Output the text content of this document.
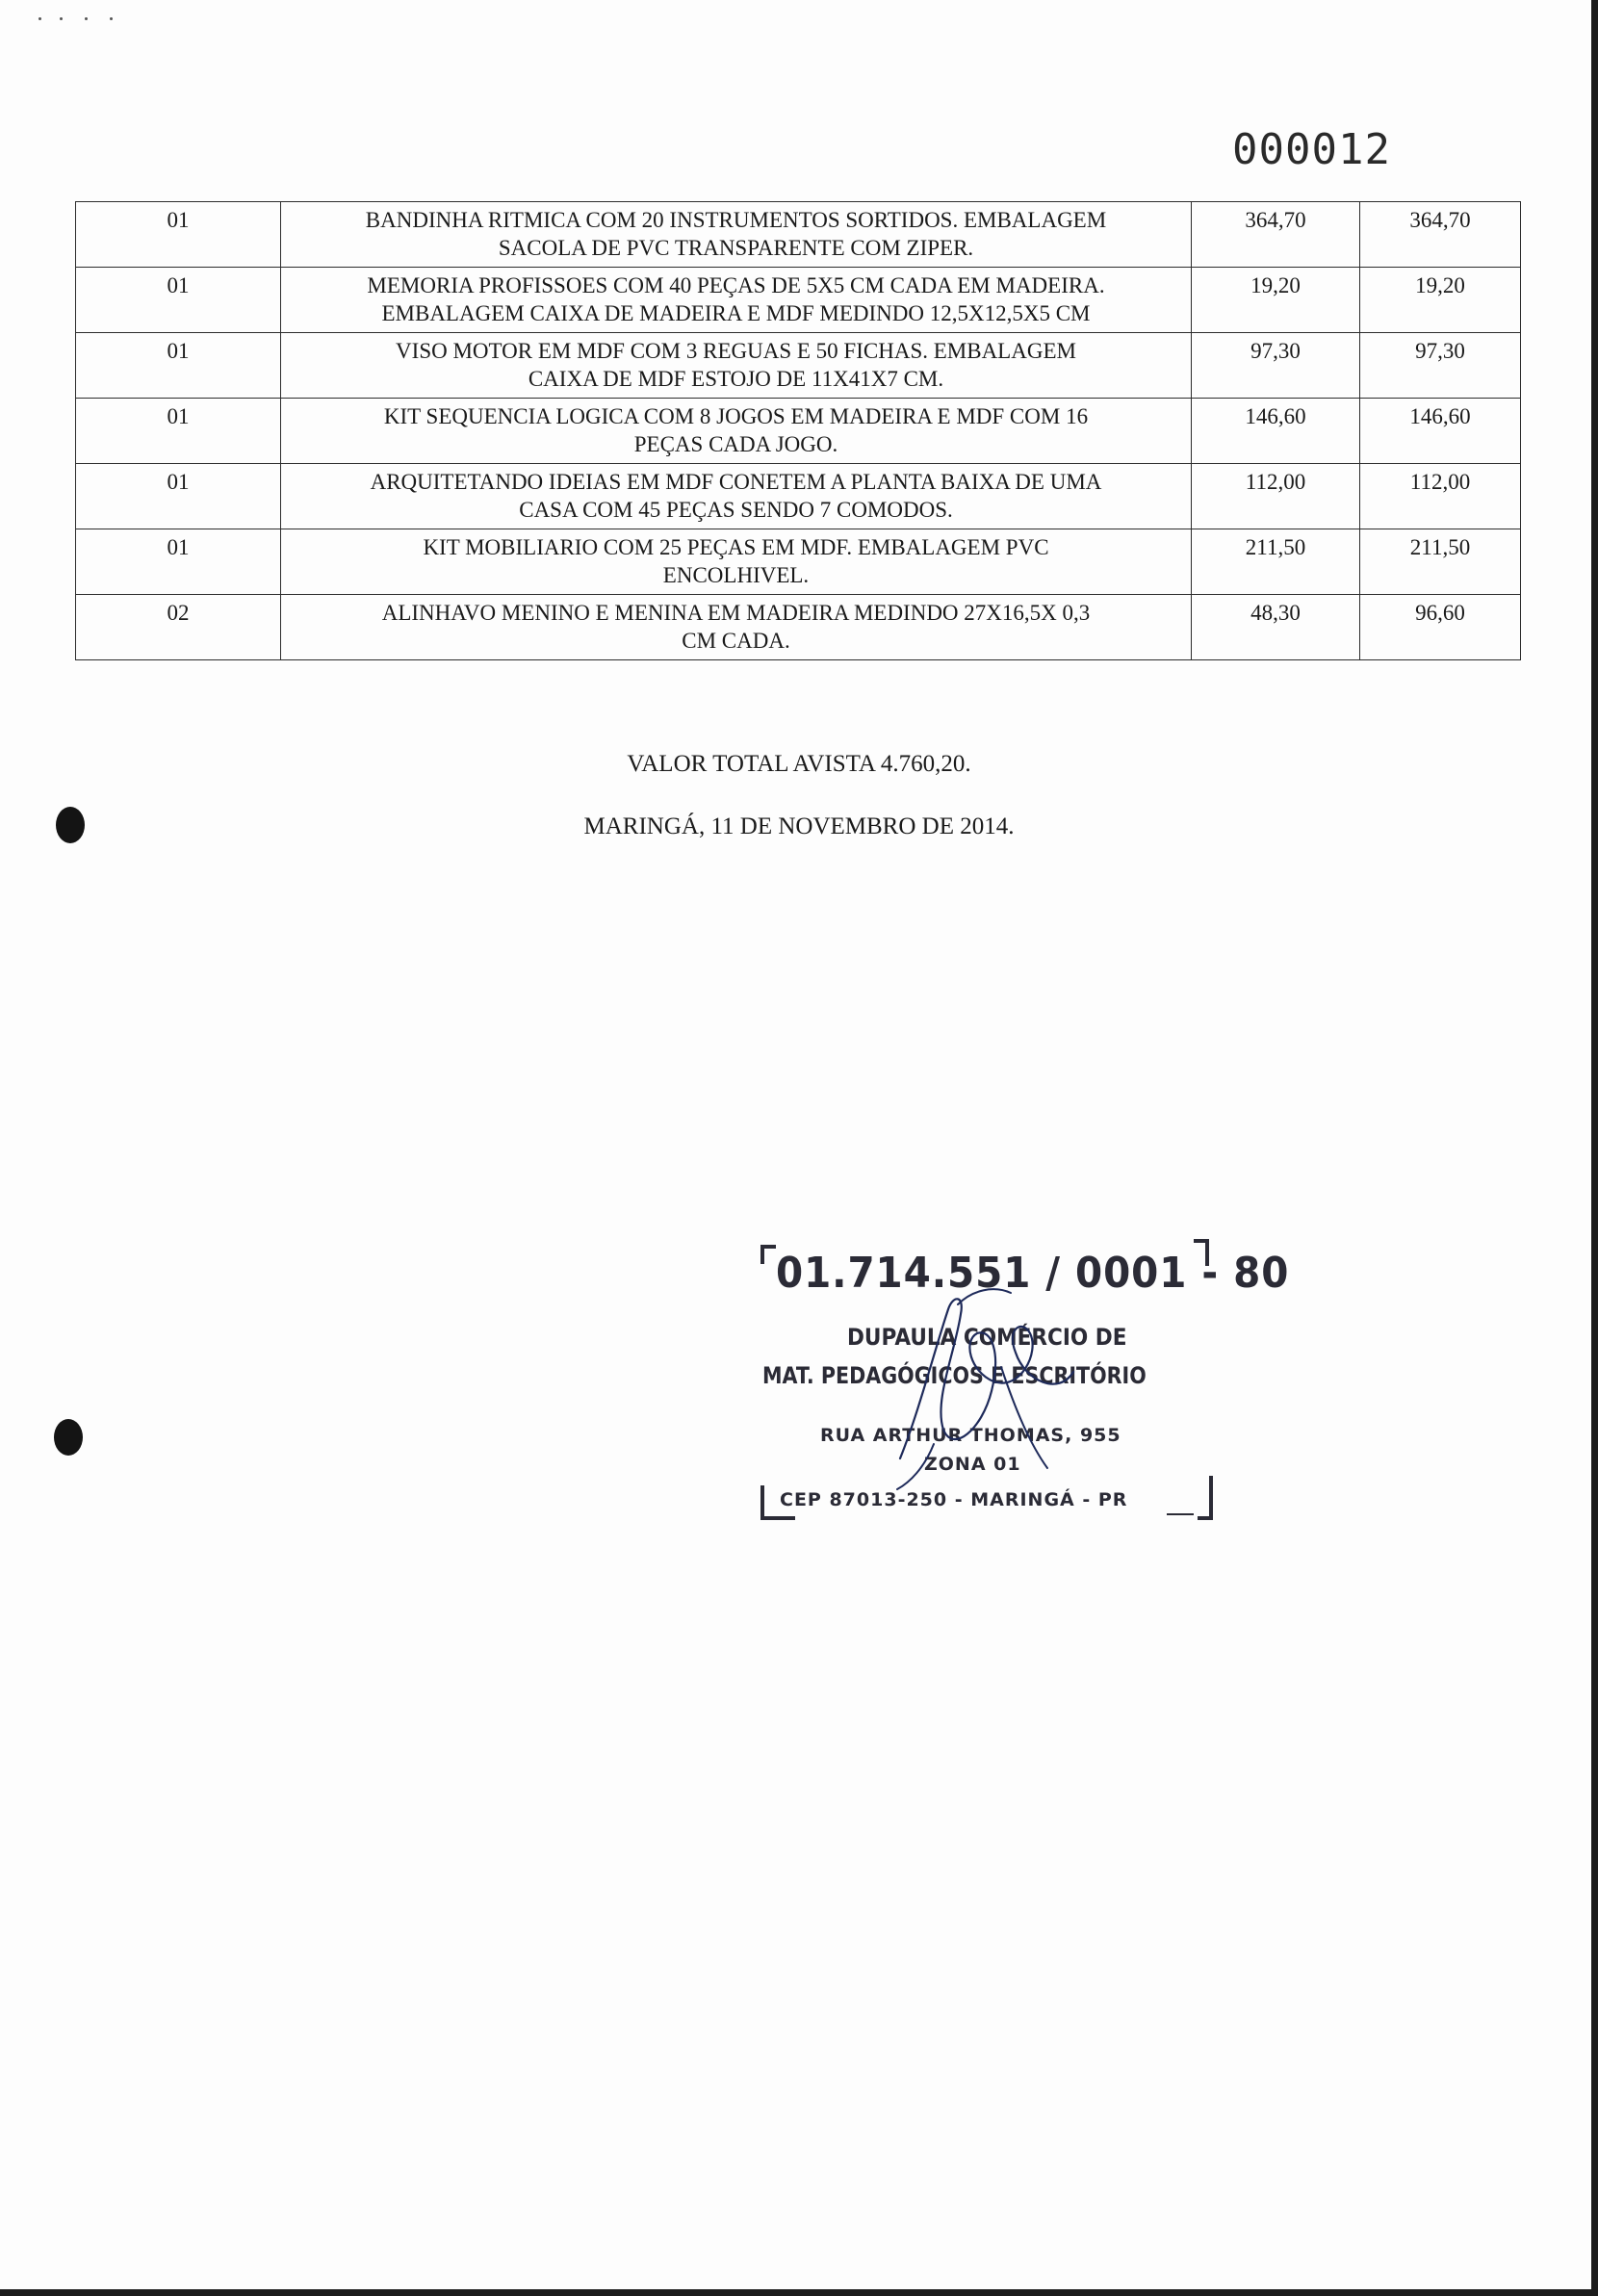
000012
01	BANDINHA RITMICA COM 20 INSTRUMENTOS SORTIDOS. EMBALAGEM
SACOLA DE PVC TRANSPARENTE COM ZIPER.	364,70	364,70
01	MEMORIA PROFISSOES COM 40 PEÇAS DE 5X5 CM CADA EM MADEIRA.
EMBALAGEM CAIXA DE MADEIRA E MDF MEDINDO 12,5X12,5X5 CM	19,20	19,20
01	VISO MOTOR EM MDF COM 3 REGUAS E 50 FICHAS. EMBALAGEM
CAIXA DE MDF ESTOJO DE 11X41X7 CM.	97,30	97,30
01	KIT SEQUENCIA LOGICA COM 8 JOGOS EM MADEIRA E MDF COM 16
PEÇAS CADA JOGO.	146,60	146,60
01	ARQUITETANDO IDEIAS EM MDF CONETEM A PLANTA BAIXA DE UMA
CASA COM 45 PEÇAS SENDO 7 COMODOS.	112,00	112,00
01	KIT MOBILIARIO COM 25 PEÇAS EM MDF. EMBALAGEM PVC
ENCOLHIVEL.	211,50	211,50
02	ALINHAVO MENINO E MENINA EM MADEIRA MEDINDO 27X16,5X 0,3
CM CADA.	48,30	96,60
VALOR TOTAL AVISTA 4.760,20.
MARINGÁ, 11 DE NOVEMBRO DE 2014.
01.714.551 / 0001 - 80
DUPAULA COMÉRCIO DE
MAT. PEDAGÓGICOS E ESCRITÓRIO
RUA ARTHUR THOMAS, 955
ZONA 01
CEP 87013-250 - MARINGÁ - PR
